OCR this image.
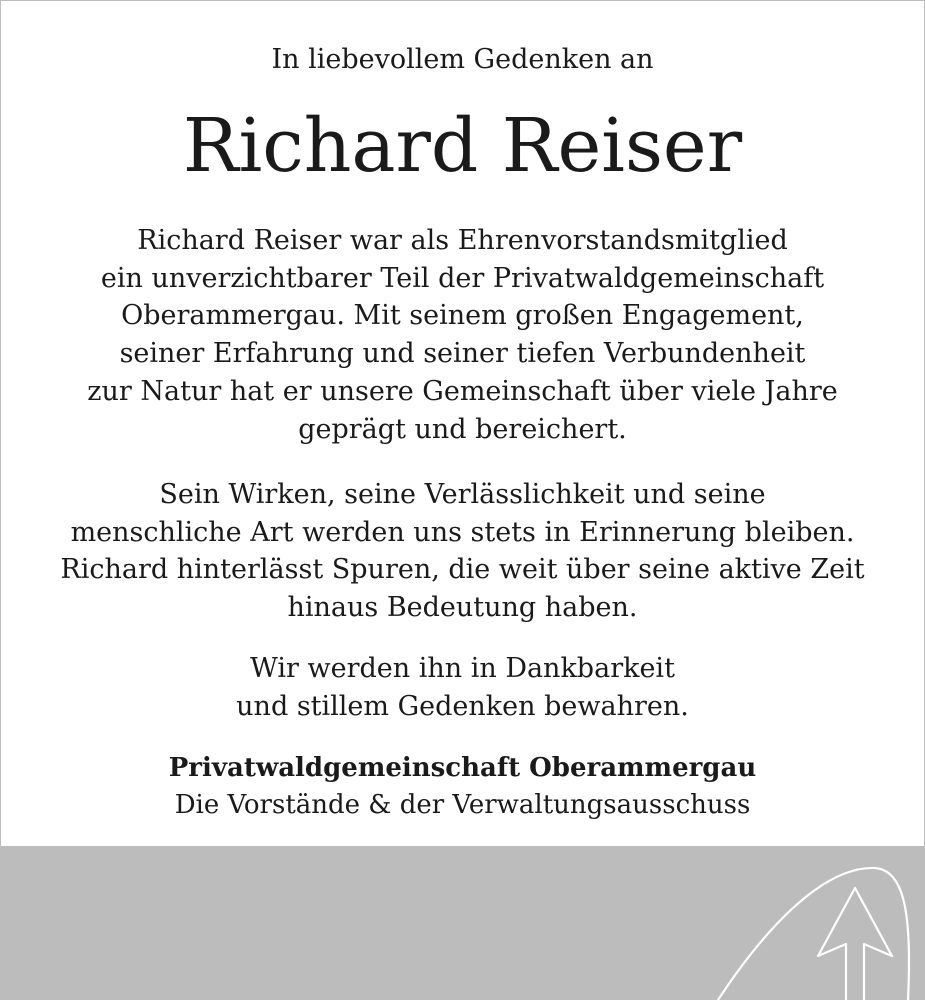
In liebevollem Gedenken an
Richard Reiser
Richard Reiser war als Ehrenvorstandsmitglied
ein unverzichtbarer Teil der Privatwaldgemeinschaft
Oberammergau. Mit seinem großen Engagement,
seiner Erfahrung und seiner tiefen Verbundenheit
zur Natur hat er unsere Gemeinschaft über viele Jahre
geprägt und bereichert.
Sein Wirken, seine Verlässlichkeit und seine
menschliche Art werden uns stets in Erinnerung bleiben.
Richard hinterlässt Spuren, die weit über seine aktive Zeit
hinaus Bedeutung haben.
Wir werden ihn in Dankbarkeit
und stillem Gedenken bewahren.
Privatwaldgemeinschaft Oberammergau
Die Vorstände & der Verwaltungsausschuss
